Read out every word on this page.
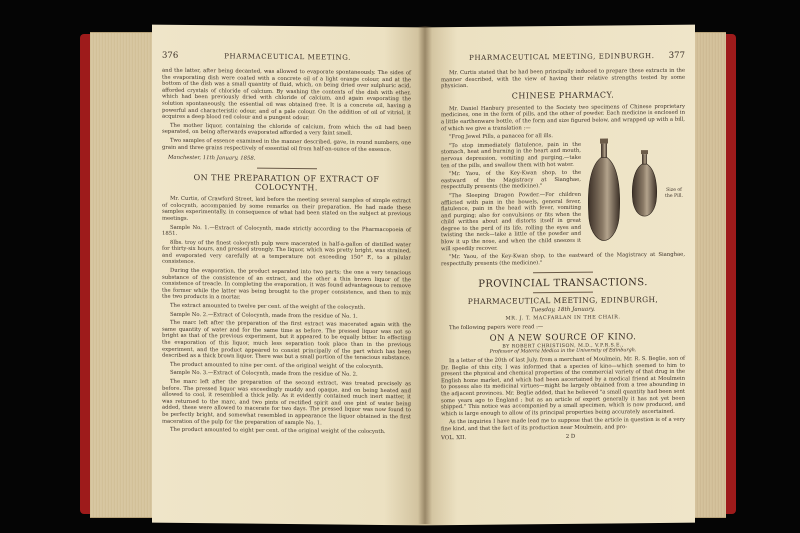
376	PHARMACEUTICAL MEETING.

and the latter, after being decanted, was allowed to evaporate spontaneously. The sides of the evaporating dish were coated with a concrete oil of a light orange colour, and at the bottom of the dish was a small quantity of fluid, which, on being dried over sulphuric acid, afforded crystals of chloride of calcium. By washing the contents of the dish with ether, which had been previously dried with chloride of calcium, and again evaporating the solution spontaneously, the essential oil was obtained free. It is a concrete oil, having a powerful and characteristic odour, and of a pale colour. On the addition of oil of vitriol, it acquires a deep blood red colour and a pungent odour.

The mother liquor, containing the chloride of calcium, from which the oil had been separated, on being afterwards evaporated afforded a very faint smell.

Two samples of essence examined in the manner described, gave, in round numbers, one grain and three grains respectively of essential oil from half-an-ounce of the essence.

Manchester, 11th January, 1858.

ON THE PREPARATION OF EXTRACT OF COLOCYNTH.

Mr. Curtis, of Crawford Street, laid before the meeting several samples of simple extract of colocynth, accompanied by some remarks on their preparation. He had made these samples experimentally, in consequence of what had been stated on the subject at previous meetings.

Sample No. 1.—Extract of Colocynth, made strictly according to the Pharmacopoeia of 1851.

8lbs. troy of the finest colocynth pulp were macerated in half-a-gallon of distilled water for thirty-six hours, and pressed strongly. The liquor, which was pretty bright, was strained, and evaporated very carefully at a temperature not exceeding 150° F., to a pilular consistence.

During the evaporation, the product separated into two parts; the one a very tenacious substance of the consistence of an extract, and the other a thin brown liquor of the consistence of treacle. In completing the evaporation, it was found advantageous to remove the former while the latter was being brought to the proper consistence, and then to mix the two products in a mortar.

The extract amounted to twelve per cent. of the weight of the colocynth.

Sample No. 2.—Extract of Colocynth, made from the residue of No. 1.

The marc left after the preparation of the first extract was macerated again with the same quantity of water and for the same time as before. The pressed liquor was not so bright as that of the previous experiment, but it appeared to be equally bitter. In effecting the evaporation of this liquor, much less separation took place than in the previous experiment, and the product appeared to consist principally of the part which has been described as a thick brown liquor. There was but a small portion of the tenacious substance.

The product amounted to nine per cent. of the original weight of the colocynth.

Sample No. 3.—Extract of Colocynth, made from the residue of No. 2.

The marc left after the preparation of the second extract, was treated precisely as before. The pressed liquor was exceedingly muddy and opaque, and on being heated and allowed to cool, it resembled a thick jelly. As it evidently contained much inert matter, it was returned to the marc, and two pints of rectified spirit and one pint of water being added, these were allowed to macerate for two days. The pressed liquor was now found to be perfectly bright, and somewhat resembled in appearance the liquor obtained in the first maceration of the pulp for the preparation of sample No. 1.

The product amounted to eight per cent. of the original weight of the colocynth.

PHARMACEUTICAL MEETING, EDINBURGH. 377

Mr. Curtis stated that he had been principally induced to prepare these extracts in the manner described, with the view of having their relative strengths tested by some physician.

CHINESE PHARMACY.

Mr. Daniel Hanbury presented to the Society two specimens of Chinese proprietary medicines, one in the form of pills, and the other of powder. Each medicine is enclosed in a little earthenware bottle, of the form and size figured below, and wrapped up with a bill, of which we give a translation :—

"Frog Jewel Pills, a panacea for all ills.

"To stop immediately flatulence, pain in the stomach, heat and burning in the heart and mouth, nervous depression, vomiting and purging,—take ten of the pills, and swallow them with hot water.

"Mr. Yaou, of the Key-Kwan shop, to the eastward of the Magistracy at Sianghae, respectfully presents (the medicine)."

"The Sleeping Dragon Powder.—For children afflicted with pain in the bowels, general fever, flatulence, pain in the head with fever, vomiting and purging; also for convulsions or fits when the child writhes about and distorts itself in great degree to the peril of its life, rolling the eyes and twisting the neck—take a little of the powder and blow it up the nose, and when the child sneezes it will speedily recover.

Size of the Pill.

"Mr. Yaou, of the Key-Kwan shop, to the eastward of the Magistracy at Sianghae, respectfully presents (the medicine)."

PROVINCIAL TRANSACTIONS.
PHARMACEUTICAL MEETING, EDINBURGH,
Tuesday, 18th January.
MR. J. T. MACFARLAN IN THE CHAIR.

The following papers were read :—

ON A NEW SOURCE OF KINO.

BY ROBERT CHRISTISON, M.D., V.P.R.S.E.,

Professor of Materia Medica in the University of Edinburgh.

In a letter of the 20th of last July, from a merchant of Moulmein, Mr. R. S. Beglie, son of Dr. Beglie of this city, I was informed that a species of kino—which seemed to him to present the physical and chemical properties of the commercial variety of that drug in the English home market, and which had been ascertained by a medical friend at Moulmein to possess also its medicinal virtues—might be largely obtained from a tree abounding in the adjacent provinces. Mr. Beglie added, that he believed "a small quantity had been sent some years ago to England ; but as an article of export generally it has not yet been shipped." This notice was accompanied by a small specimen, which is now produced, and which is large enough to allow of its principal properties being accurately ascertained.

As the inquiries I have made lead me to suppose that the article in question is of a very fine kind, and that the fact of its production near Moulmein, and pro-

VOL. XII.	2 D
